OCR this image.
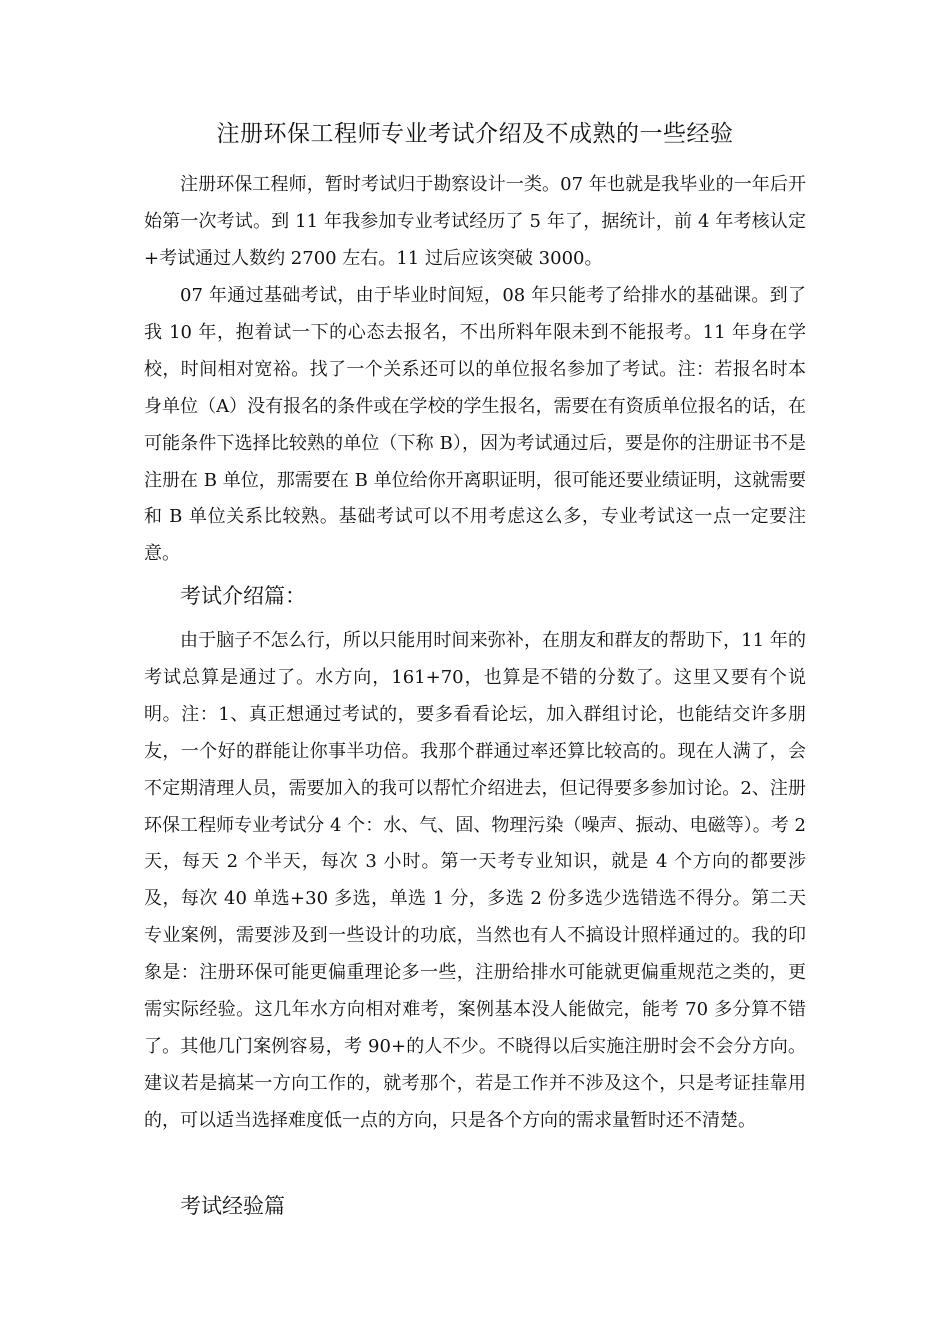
注册环保工程师专业考试介绍及不成熟的一些经验

注册环保工程师，暂时考试归于勘察设计一类。07 年也就是我毕业的一年后开始第一次考试。到 11 年我参加专业考试经历了 5 年了，据统计，前 4 年考核认定+考试通过人数约 2700 左右。11 过后应该突破 3000。

07 年通过基础考试，由于毕业时间短，08 年只能考了给排水的基础课。到了我 10 年，抱着试一下的心态去报名，不出所料年限未到不能报考。11 年身在学校，时间相对宽裕。找了一个关系还可以的单位报名参加了考试。注：若报名时本身单位（A）没有报名的条件或在学校的学生报名，需要在有资质单位报名的话，在可能条件下选择比较熟的单位（下称 B），因为考试通过后，要是你的注册证书不是注册在 B 单位，那需要在 B 单位给你开离职证明，很可能还要业绩证明，这就需要和 B 单位关系比较熟。基础考试可以不用考虑这么多，专业考试这一点一定要注意。

考试介绍篇：

由于脑子不怎么行，所以只能用时间来弥补，在朋友和群友的帮助下，11 年的考试总算是通过了。水方向，161+70，也算是不错的分数了。这里又要有个说明。注：1、真正想通过考试的，要多看看论坛，加入群组讨论，也能结交许多朋友，一个好的群能让你事半功倍。我那个群通过率还算比较高的。现在人满了，会不定期清理人员，需要加入的我可以帮忙介绍进去，但记得要多参加讨论。2、注册环保工程师专业考试分 4 个：水、气、固、物理污染（噪声、振动、电磁等）。考 2 天，每天 2 个半天，每次 3 小时。第一天考专业知识，就是 4 个方向的都要涉及，每次 40 单选+30 多选，单选 1 分，多选 2 份多选少选错选不得分。第二天专业案例，需要涉及到一些设计的功底，当然也有人不搞设计照样通过的。我的印象是：注册环保可能更偏重理论多一些，注册给排水可能就更偏重规范之类的，更需实际经验。这几年水方向相对难考，案例基本没人能做完，能考 70 多分算不错了。其他几门案例容易，考 90+的人不少。不晓得以后实施注册时会不会分方向。建议若是搞某一方向工作的，就考那个，若是工作并不涉及这个，只是考证挂靠用的，可以适当选择难度低一点的方向，只是各个方向的需求量暂时还不清楚。

考试经验篇
